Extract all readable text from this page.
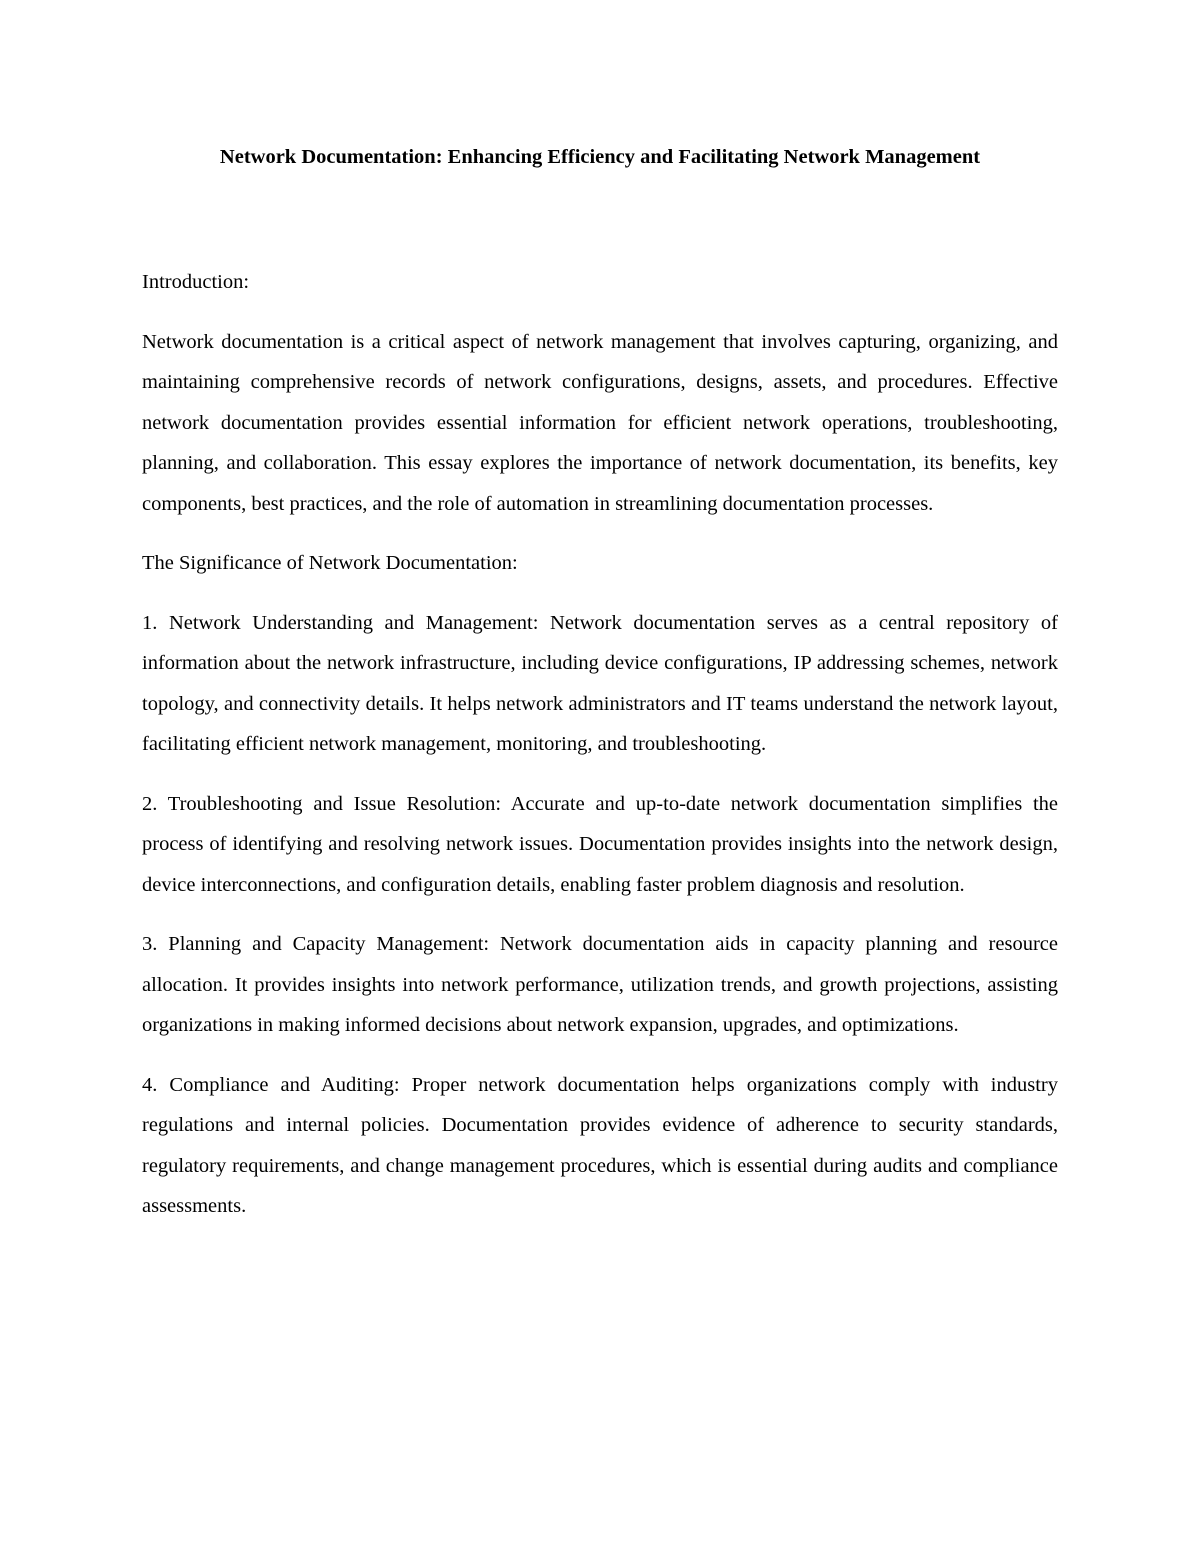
Network Documentation: Enhancing Efficiency and Facilitating Network Management

Introduction:

Network documentation is a critical aspect of network management that involves capturing, organizing, and maintaining comprehensive records of network configurations, designs, assets, and procedures. Effective network documentation provides essential information for efficient network operations, troubleshooting, planning, and collaboration. This essay explores the importance of network documentation, its benefits, key components, best practices, and the role of automation in streamlining documentation processes.

The Significance of Network Documentation:

1. Network Understanding and Management: Network documentation serves as a central repository of information about the network infrastructure, including device configurations, IP addressing schemes, network topology, and connectivity details. It helps network administrators and IT teams understand the network layout, facilitating efficient network management, monitoring, and troubleshooting.

2. Troubleshooting and Issue Resolution: Accurate and up-to-date network documentation simplifies the process of identifying and resolving network issues. Documentation provides insights into the network design, device interconnections, and configuration details, enabling faster problem diagnosis and resolution.

3. Planning and Capacity Management: Network documentation aids in capacity planning and resource allocation. It provides insights into network performance, utilization trends, and growth projections, assisting organizations in making informed decisions about network expansion, upgrades, and optimizations.

4. Compliance and Auditing: Proper network documentation helps organizations comply with industry regulations and internal policies. Documentation provides evidence of adherence to security standards, regulatory requirements, and change management procedures, which is essential during audits and compliance assessments.
